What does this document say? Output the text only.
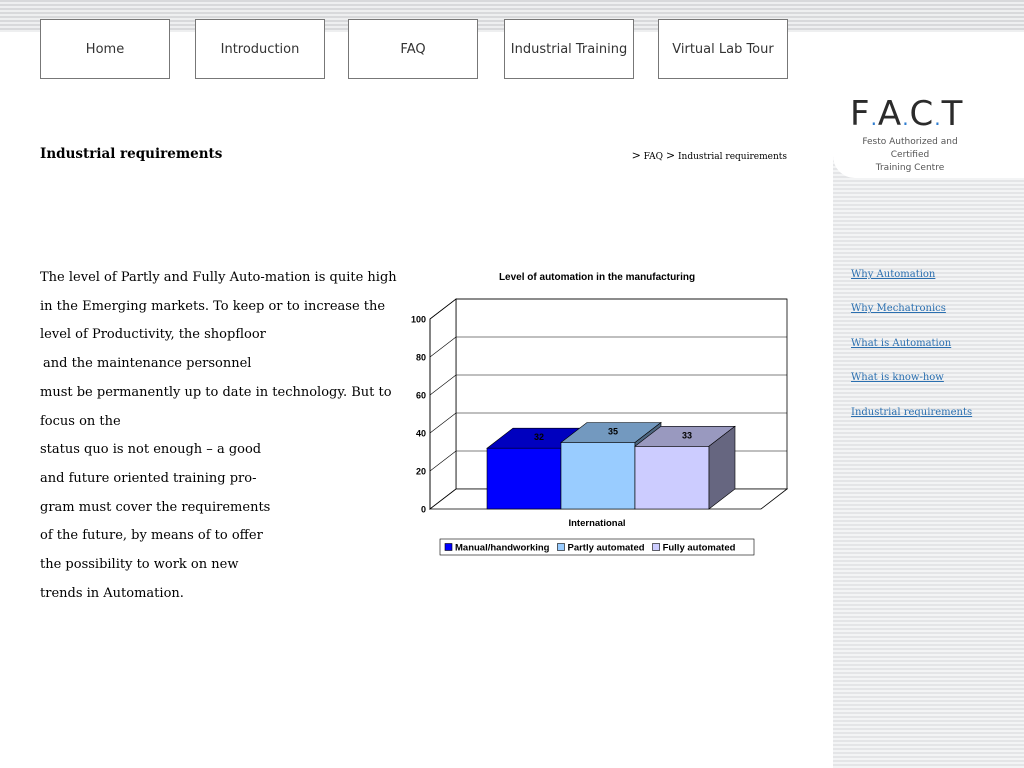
Home	Introduction	FAQ	Industrial Training	Virtual Lab Tour
Industrial requirements	> FAQ > Industrial requirements
The level of Partly and Fully Auto-mation is quite high
in the Emerging markets. To keep or to increase the
level of Productivity, the shopfloor
and the maintenance personnel
must be permanently up to date in technology. But to
focus on the
status quo is not enough – a good
and future oriented training pro-
gram must cover the requirements
of the future, by means of to offer
the possibility to work on new
trends in Automation.
F.A.C.T
Festo Authorized and Certified
Training Centre
Why Automation
Why Mechatronics
What is Automation
What is know-how
Industrial requirements
Level of automation in the manufacturing
0
20
40
60
80
100
32
35	33
International
Manual/handworking Partly automated Fully automated
